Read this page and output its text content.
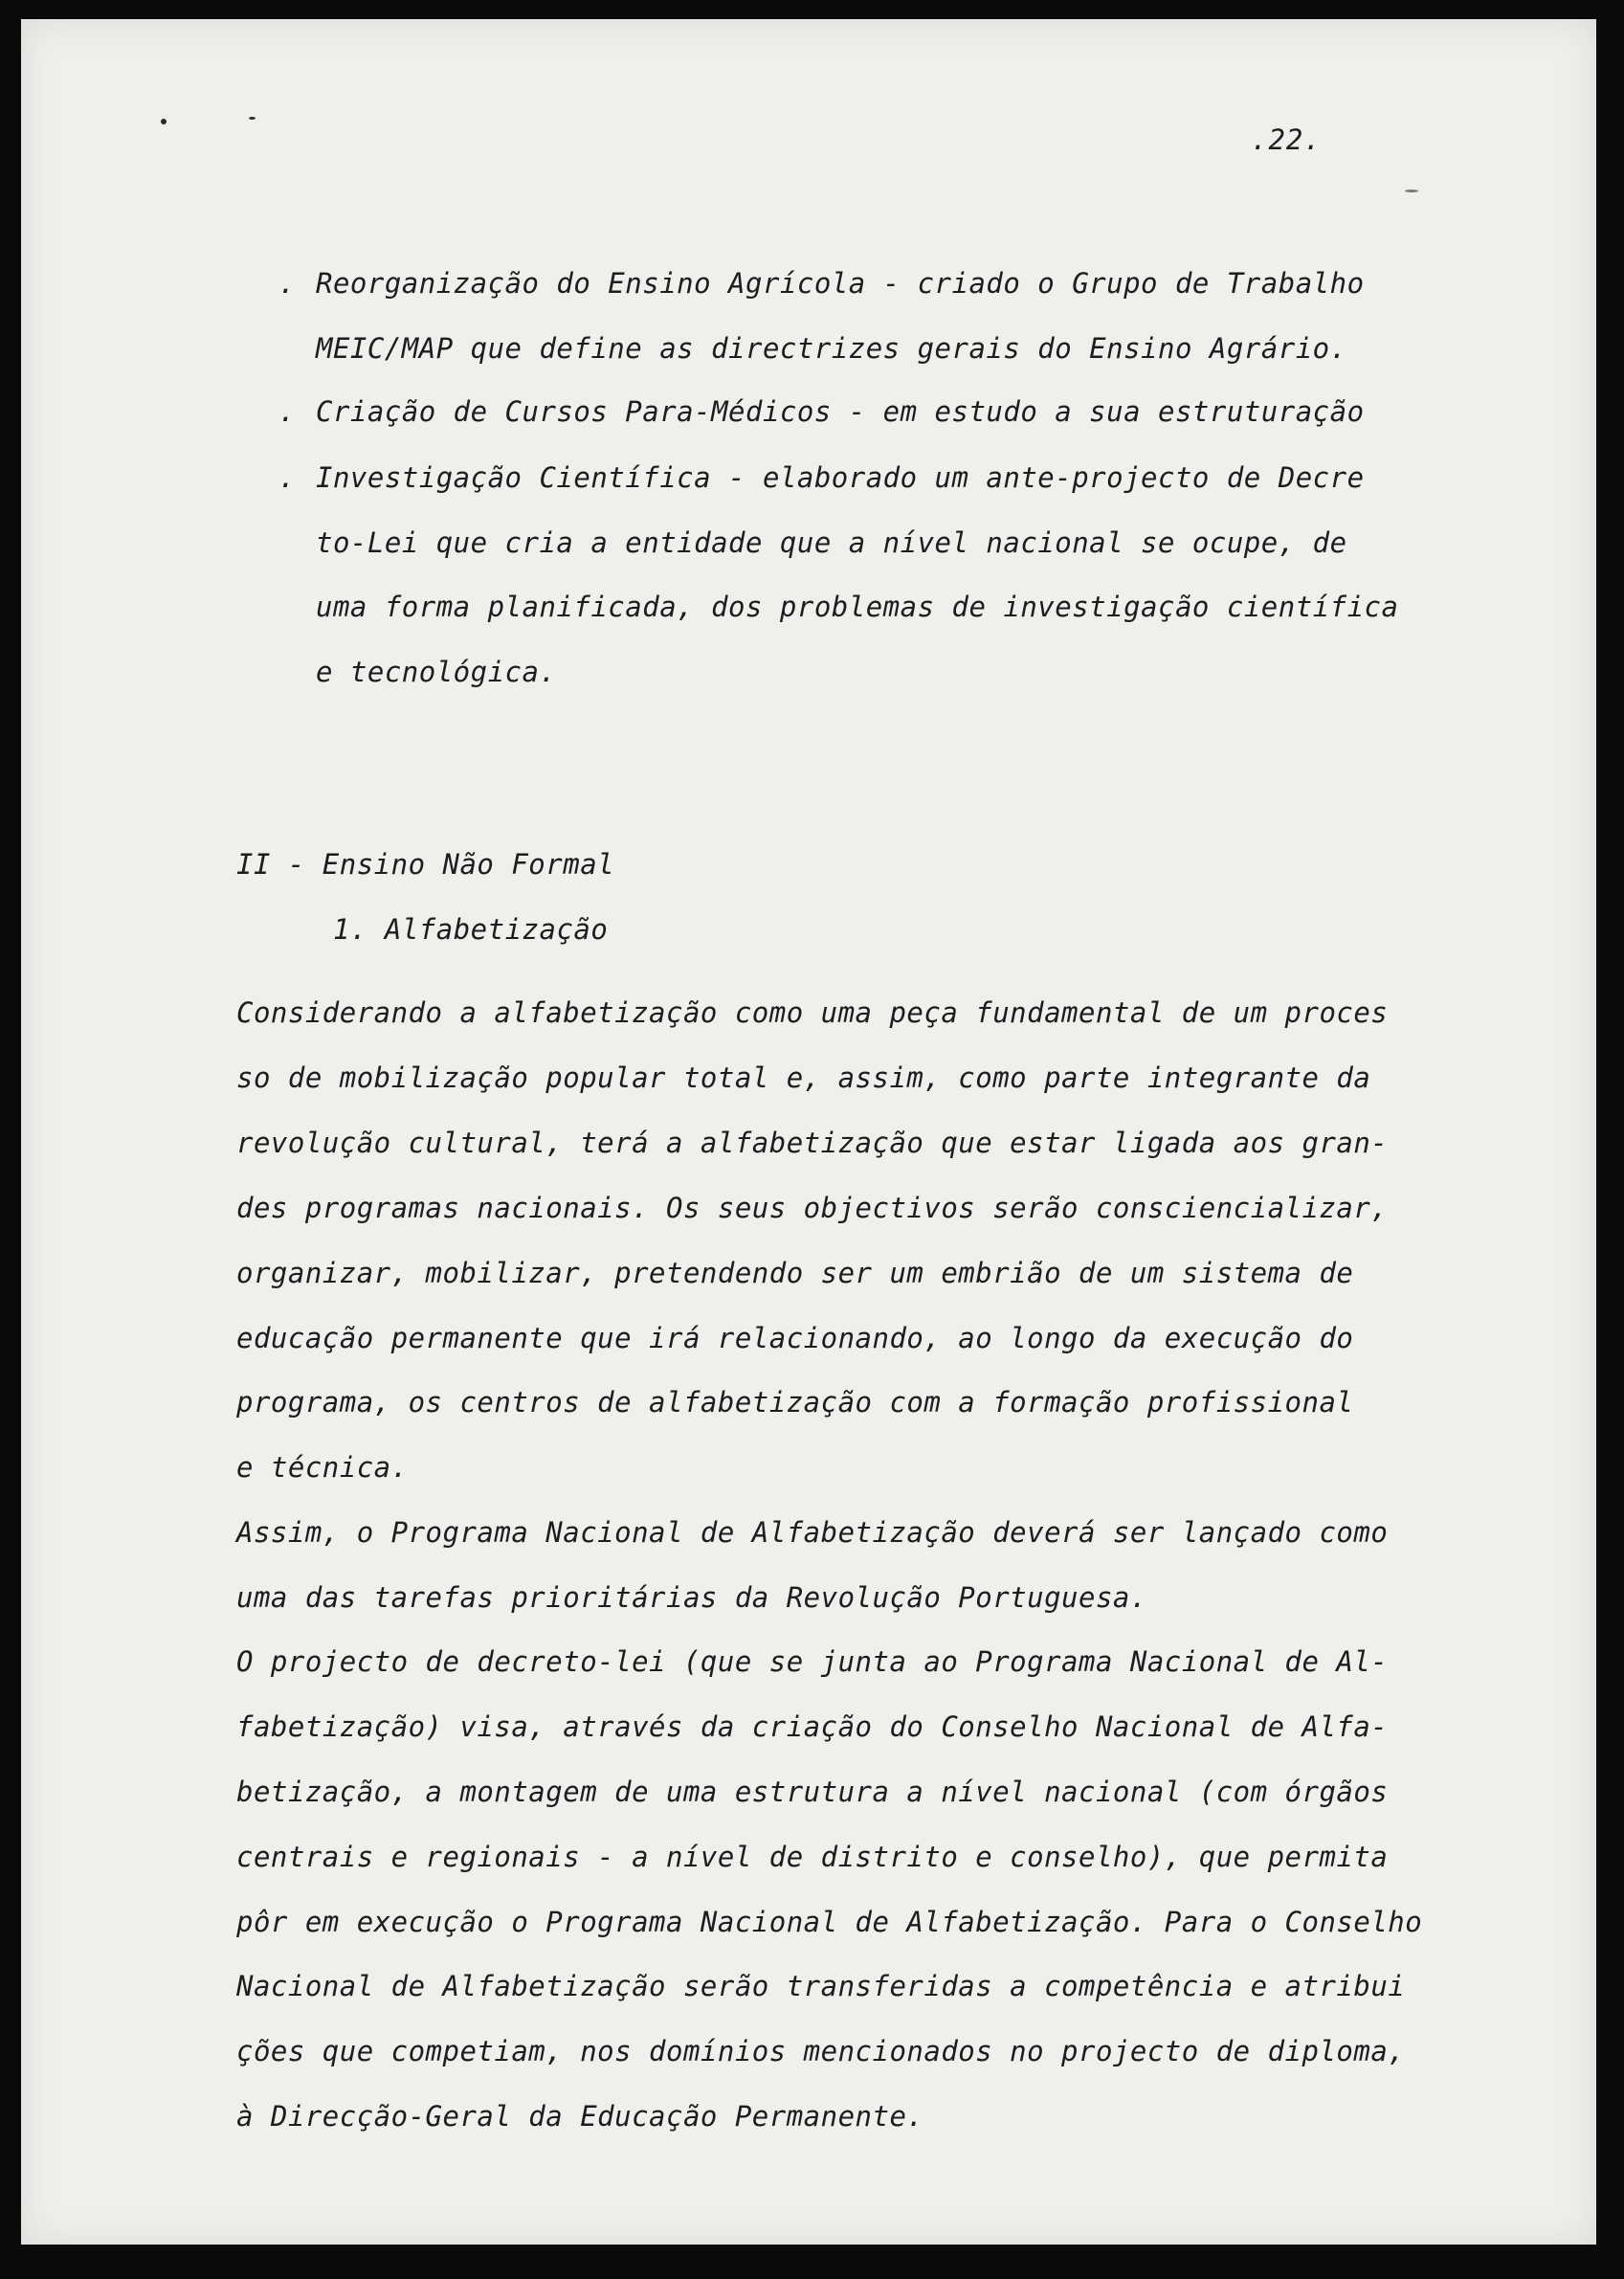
.22.
. Reorganização do Ensino Agrícola - criado o Grupo de Trabalho
MEIC/MAP que define as directrizes gerais do Ensino Agrário.
. Criação de Cursos Para-Médicos - em estudo a sua estruturação
. Investigação Científica - elaborado um ante-projecto de Decre
to-Lei que cria a entidade que a nível nacional se ocupe, de
uma forma planificada, dos problemas de investigação científica
e tecnológica.
II - Ensino Não Formal
1. Alfabetização
Considerando a alfabetização como uma peça fundamental de um proces
so de mobilização popular total e, assim, como parte integrante da
revolução cultural, terá a alfabetização que estar ligada aos gran-
des programas nacionais. Os seus objectivos serão consciencializar,
organizar, mobilizar, pretendendo ser um embrião de um sistema de
educação permanente que irá relacionando, ao longo da execução do
programa, os centros de alfabetização com a formação profissional
e técnica.
Assim, o Programa Nacional de Alfabetização deverá ser lançado como
uma das tarefas prioritárias da Revolução Portuguesa.
O projecto de decreto-lei (que se junta ao Programa Nacional de Al-
fabetização) visa, através da criação do Conselho Nacional de Alfa-
betização, a montagem de uma estrutura a nível nacional (com órgãos
centrais e regionais - a nível de distrito e conselho), que permita
pôr em execução o Programa Nacional de Alfabetização. Para o Conselho
Nacional de Alfabetização serão transferidas a competência e atribui
ções que competiam, nos domínios mencionados no projecto de diploma,
à Direcção-Geral da Educação Permanente.
